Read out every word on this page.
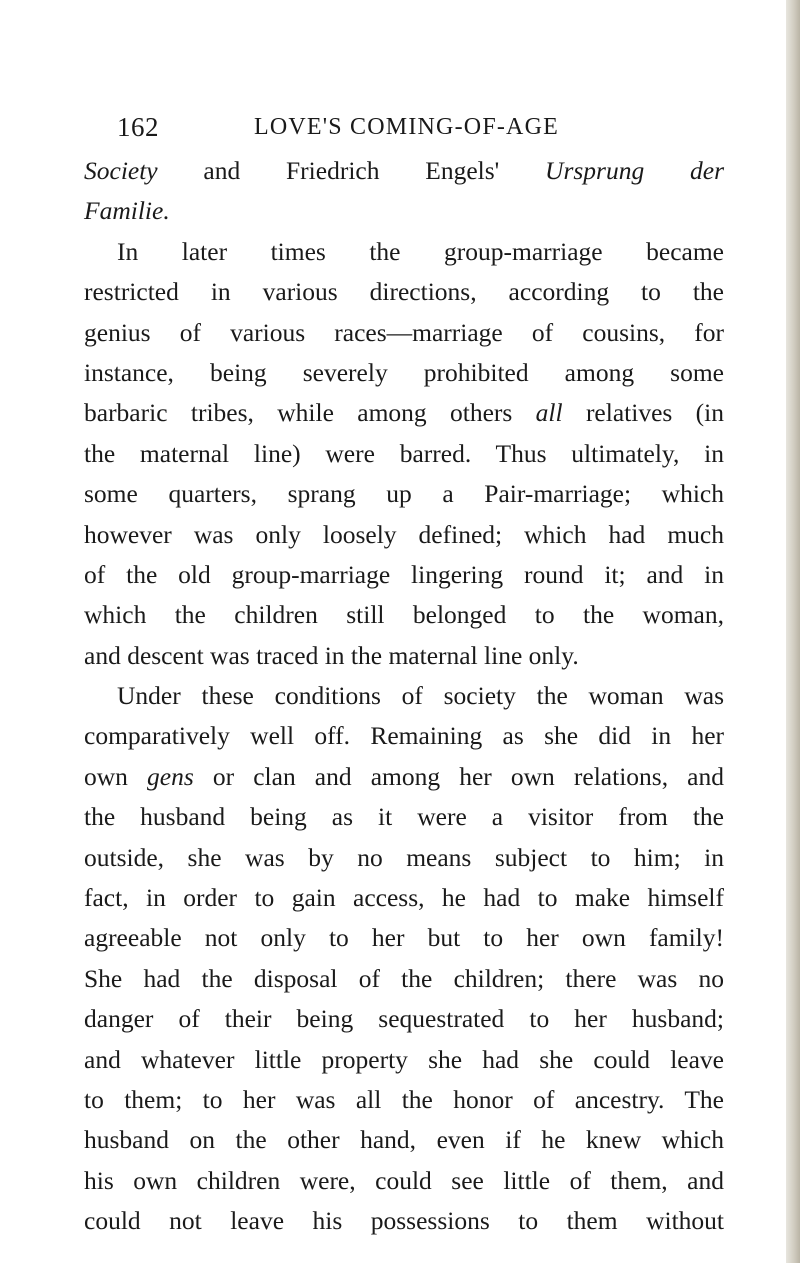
162	LOVE'S COMING-OF-AGE
Society and Friedrich Engels' Ursprung der
Familie.
In later times the group-marriage became
restricted in various directions, according to the
genius of various races—marriage of cousins, for
instance, being severely prohibited among some
barbaric tribes, while among others all relatives (in
the maternal line) were barred. Thus ultimately, in
some quarters, sprang up a Pair-marriage; which
however was only loosely defined; which had much
of the old group-marriage lingering round it; and in
which the children still belonged to the woman,
and descent was traced in the maternal line only.
Under these conditions of society the woman was
comparatively well off. Remaining as she did in her
own gens or clan and among her own relations, and
the husband being as it were a visitor from the
outside, she was by no means subject to him; in
fact, in order to gain access, he had to make himself
agreeable not only to her but to her own family!
She had the disposal of the children; there was no
danger of their being sequestrated to her husband;
and whatever little property she had she could leave
to them; to her was all the honor of ancestry. The
husband on the other hand, even if he knew which
his own children were, could see little of them, and
could not leave his possessions to them without
